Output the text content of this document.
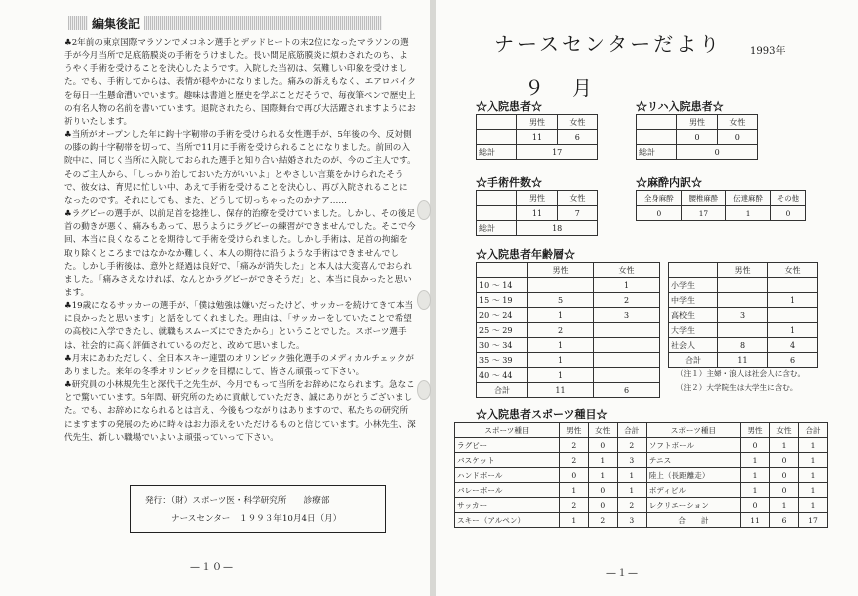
編集後記

♣2年前の東京国際マラソンでメコネン選手とデッドヒートの末2位になったマラソンの選手が今月当所で足底筋膜炎の手術をうけました。長い間足底筋膜炎に煩わされたのち、ようやく手術を受けることを決心したようです。入院した当初は、気難しい印象を受けました。でも、手術してからは、表情が穏やかになりました。痛みの訴えもなく、エアロバイクを毎日一生懸命漕いでいます。趣味は書道と歴史を学ぶことだそうで、毎夜筆ペンで歴史上の有名人物の名前を書いています。退院されたら、国際舞台で再び大活躍されますようにお祈りいたします。

♣当所がオープンした年に鈎十字靭帯の手術を受けられる女性選手が、5年後の今、反対側の膝の鈎十字靭帯を切って、当所で11月に手術を受けられることになりました。前回の入院中に、同じく当所に入院しておられた選手と知り合い結婚されたのが、今のご主人です。そのご主人から、「しっかり治しておいた方がいいよ」とやさしい言葉をかけられたそうで、彼女は、育児に忙しい中、あえて手術を受けることを決心し、再び入院されることになったのです。それにしても、また、どうして切っちゃったのかナア……

♣ラグビーの選手が、以前足首を捻挫し、保存的治療を受けていました。しかし、その後足首の動きが悪く、痛みもあって、思うようにラグビーの練習ができませんでした。そこで今回、本当に良くなることを期待して手術を受けられました。しかし手術は、足首の拘縮を取り除くところまではなかなか難しく、本人の期待に沿うような手術はできませんでした。しかし手術後は、意外と経過は良好で、「痛みが消失した」と本人は大変喜んでおられました。「痛みさえなければ、なんとかラグビーができそうだ」と、本当に良かったと思います。

♣19歳になるサッカーの選手が、「僕は勉強は嫌いだったけど、サッカーを続けてきて本当に良かったと思います」と話をしてくれました。理由は、「サッカーをしていたことで希望の高校に入学できたし、就職もスムーズにできたから」ということでした。スポーツ選手は、社会的に高く評価されているのだと、改めて思いました。

♣月末にあわただしく、全日本スキー連盟のオリンピック強化選手のメディカルチェックがありました。来年の冬季オリンピックを目標にして、皆さん頑張って下さい。

♣研究員の小林規先生と深代千之先生が、今月でもって当所をお辞めになられます。急なことで驚いています。5年間、研究所のために貢献していただき、誠にありがとうございました。でも、お辞めになられるとは言え、今後もつながりはありますので、私たちの研究所にますますの発展のために時々はお力添えをいただけるものと信じています。小林先生、深代先生、新しい職場でいよいよ頑張っていって下さい。

発行：（財）スポーツ医・科学研究所　　診療部
ナースセンター　１９９３年10月4日（月）
—１０—
ナースセンターだより	1993年
９　月
☆入院患者☆
	男性	女性
	11	6
総計	17	
☆リハ入院患者☆
	男性	女性
	0	0
総計	0	
☆手術件数☆
	男性	女性
	11	7
総計	18	
☆麻酔内訳☆
全身麻酔	腰椎麻酔	伝達麻酔	その他
0	17	1	0
☆入院患者年齢層☆
	男性	女性
10 ～ 14		1
15 ～ 19	5	2
20 ～ 24	1	3
25 ～ 29	2	
30 ～ 34	1	
35 ～ 39	1	
40 ～ 44	1	
合計	11	6
	男性	女性
小学生		
中学生		1
高校生	3	
大学生		1
社会人	8	4
合計	11	6
（注１）主婦・浪人は社会人に含む。
（注２）大学院生は大学生に含む。
☆入院患者スポーツ種目☆
スポーツ種目	男性	女性	合計	スポーツ種目	男性	女性	合計
ラグビー	2	0	2	ソフトボール	0	1	1
バスケット	2	1	3	テニス	1	0	1
ハンドボール	0	1	1	陸上（長距離走）	1	0	1
バレーボール	1	0	1	ボディビル	1	0	1
サッカー	2	0	2	レクリエーション	0	1	1
スキー（アルペン）	1	2	3	合　　計	11	6	17
—１—
